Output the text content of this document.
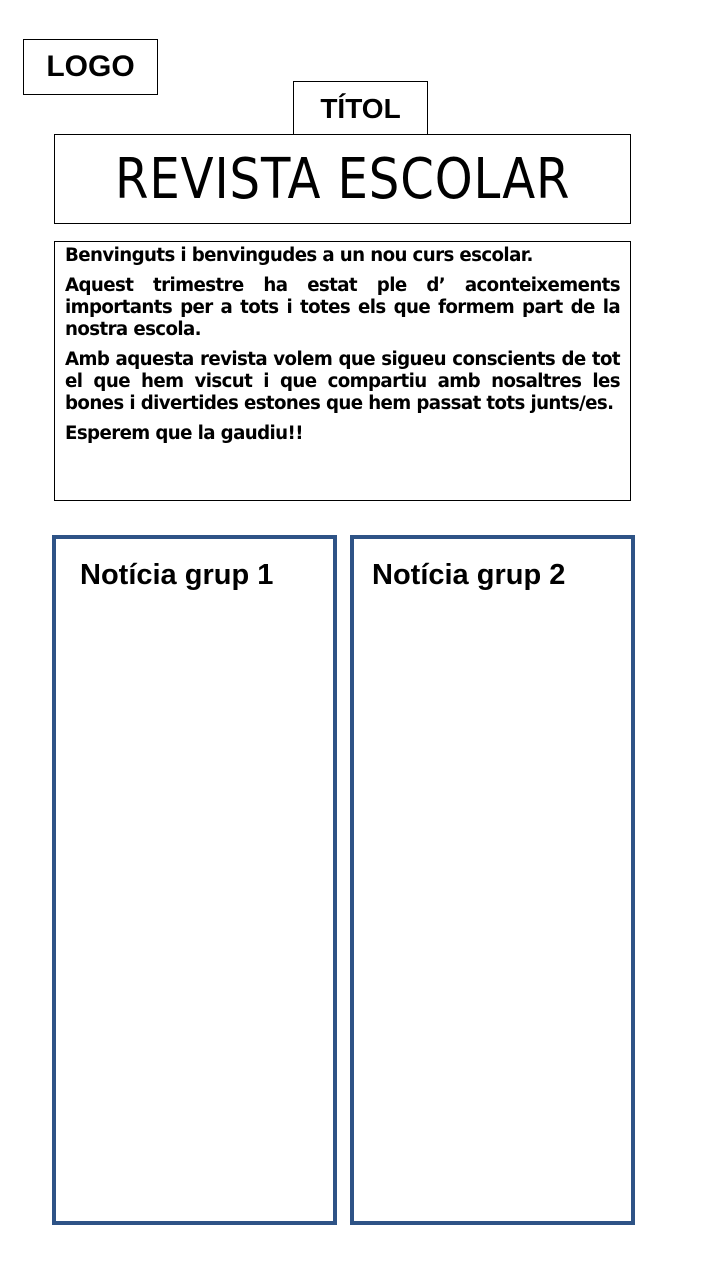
LOGO
TÍTOL
REVISTA ESCOLAR

Benvinguts i benvingudes a un nou curs escolar.

Aquest trimestre ha estat ple d’ aconteixements importants per a tots i totes els que formem part de la nostra escola.

Amb aquesta revista volem que sigueu conscients de tot el que hem viscut i que compartiu amb nosaltres les bones i divertides estones que hem passat tots junts/es.

Esperem que la gaudiu!!

Notícia grup 1	Notícia grup 2
